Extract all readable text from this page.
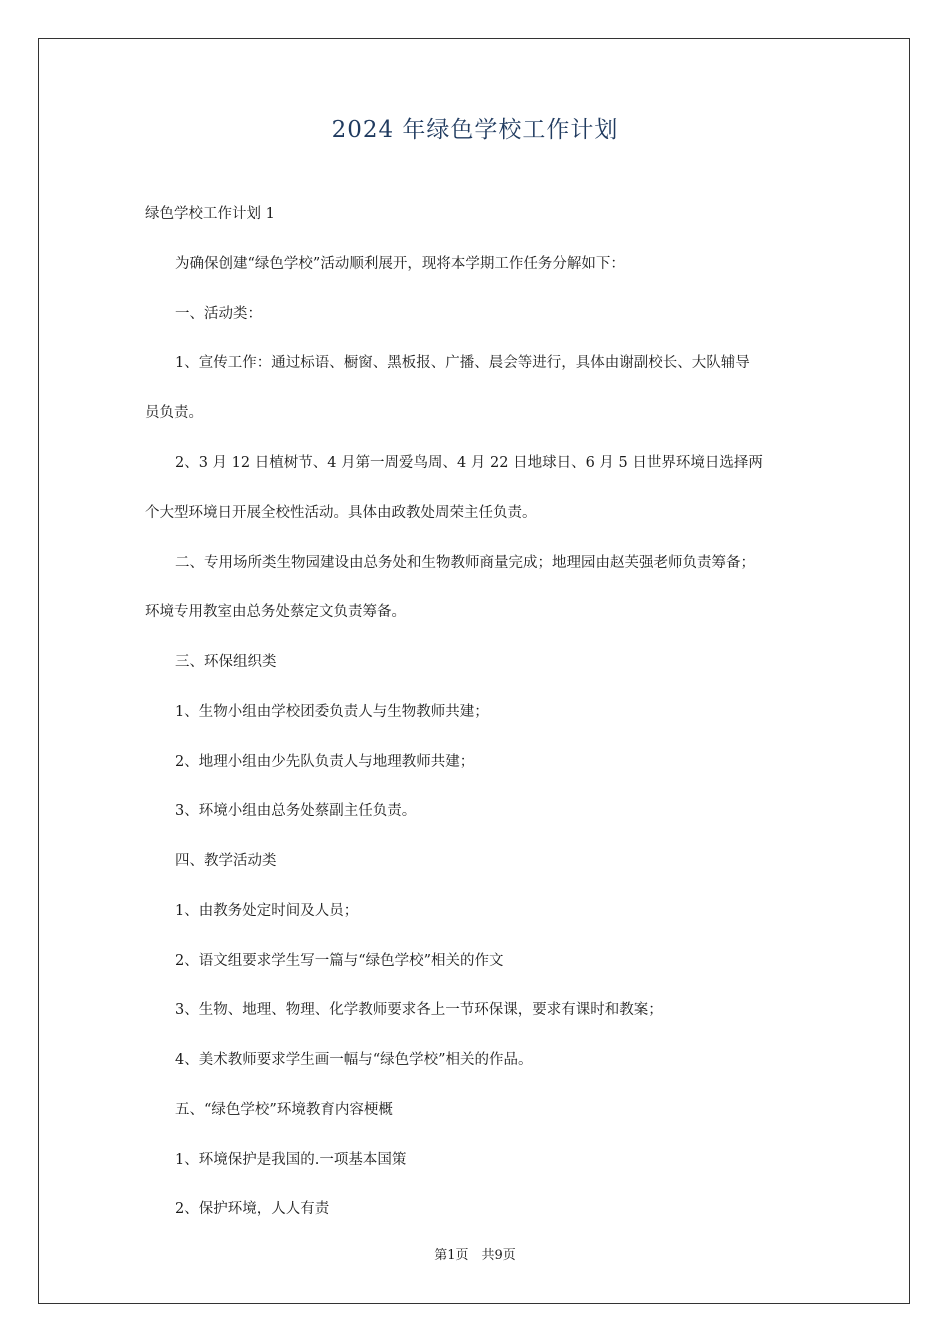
2024 年绿色学校工作计划
绿色学校工作计划 1
为确保创建“绿色学校”活动顺利展开，现将本学期工作任务分解如下：
一、活动类：
1、宣传工作：通过标语、橱窗、黑板报、广播、晨会等进行，具体由谢副校长、大队辅导
员负责。
2、3 月 12 日植树节、4 月第一周爱鸟周、4 月 22 日地球日、6 月 5 日世界环境日选择两
个大型环境日开展全校性活动。具体由政教处周荣主任负责。
二、专用场所类生物园建设由总务处和生物教师商量完成；地理园由赵芙强老师负责筹备；
环境专用教室由总务处蔡定文负责筹备。
三、环保组织类
1、生物小组由学校团委负责人与生物教师共建；
2、地理小组由少先队负责人与地理教师共建；
3、环境小组由总务处蔡副主任负责。
四、教学活动类
1、由教务处定时间及人员；
2、语文组要求学生写一篇与“绿色学校”相关的作文
3、生物、地理、物理、化学教师要求各上一节环保课，要求有课时和教案；
4、美术教师要求学生画一幅与“绿色学校”相关的作品。
五、“绿色学校”环境教育内容梗概
1、环境保护是我国的.一项基本国策
2、保护环境，人人有责
第1页　共9页
